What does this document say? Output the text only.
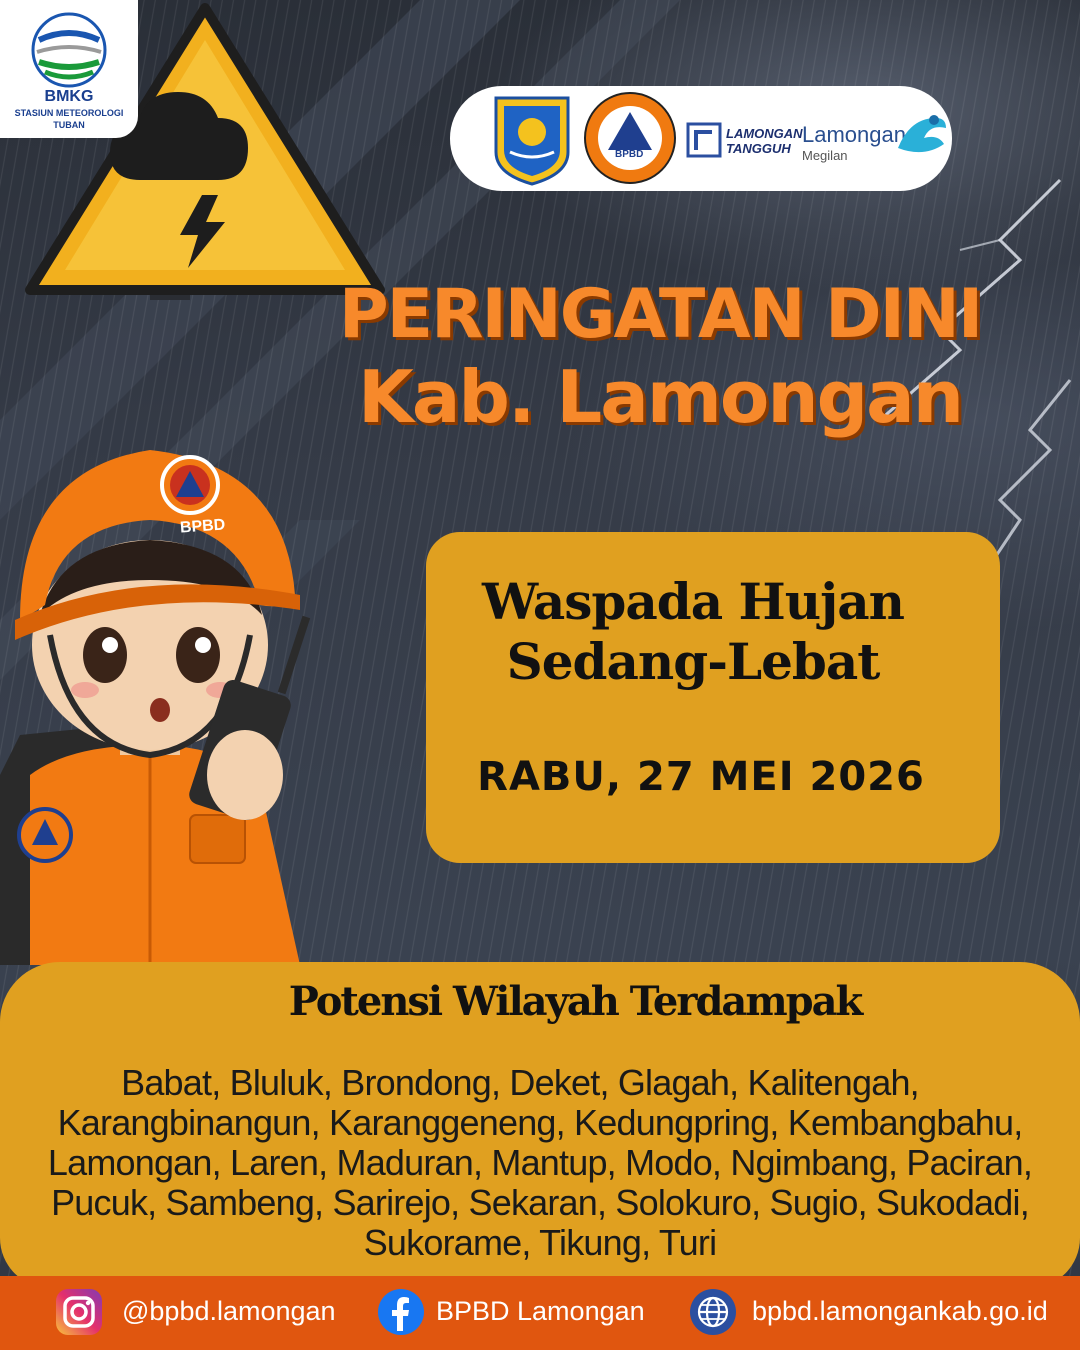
BMKG
STASIUN METEOROLOGI
TUBAN
BPBD
LAMONGAN
TANGGUH
Lamongan
Megilan
PERINGATAN DINI
Kab. Lamongan
BPBD
Waspada Hujan
Sedang-Lebat
RABU, 27 MEI 2026
Potensi Wilayah Terdampak
Babat, Bluluk, Brondong, Deket, Glagah, Kalitengah,
Karangbinangun, Karanggeneng, Kedungpring, Kembangbahu,
Lamongan, Laren, Maduran, Mantup, Modo, Ngimbang, Paciran,
Pucuk, Sambeng, Sarirejo, Sekaran, Solokuro, Sugio, Sukodadi,
Sukorame, Tikung, Turi
@bpbd.lamongan	BPBD Lamongan	bpbd.lamongankab.go.id
